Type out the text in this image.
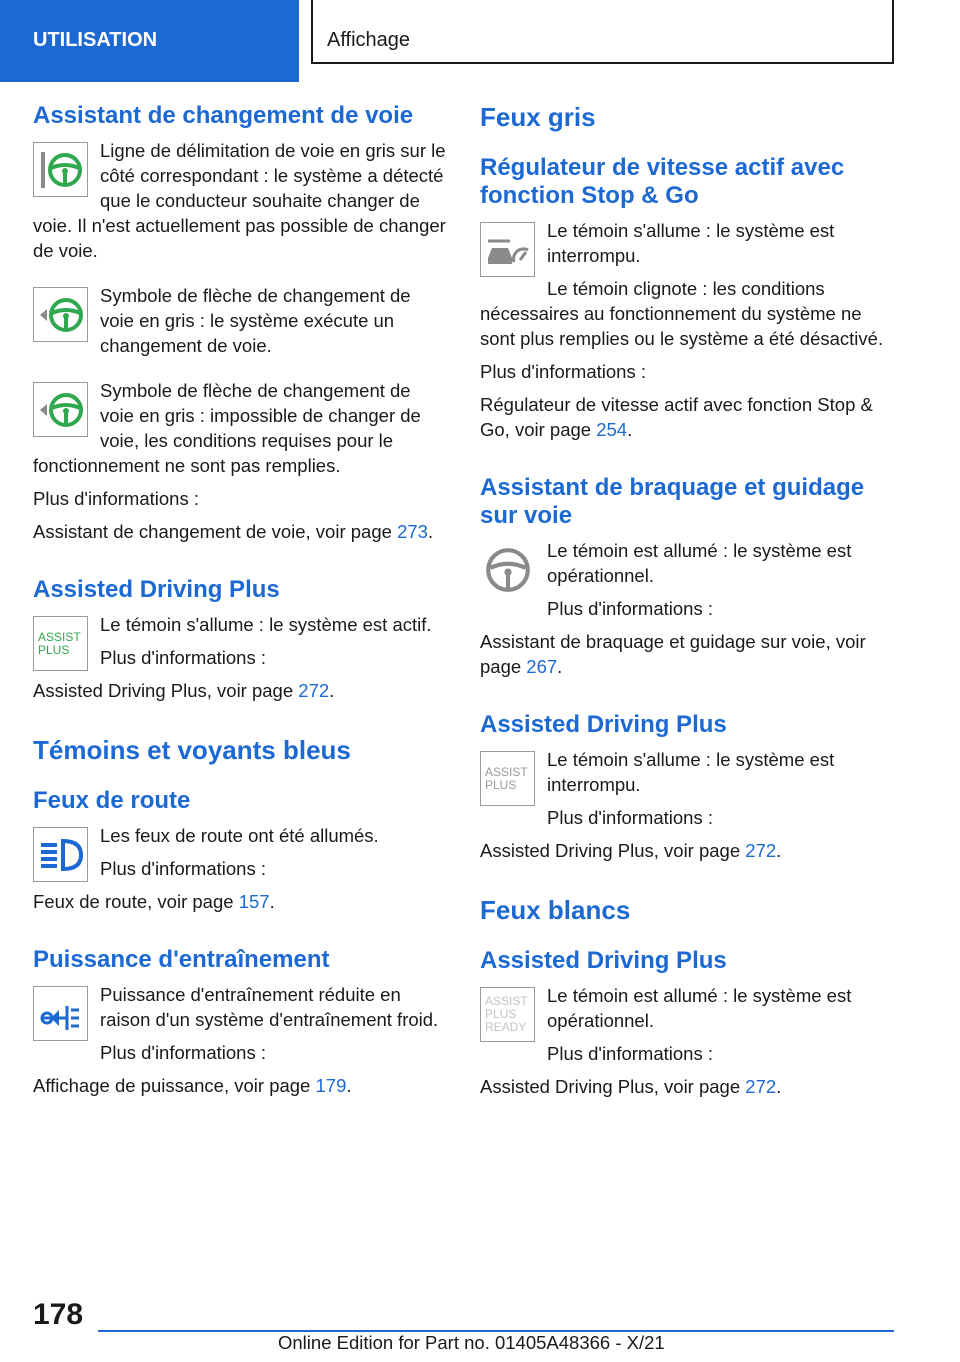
UTILISATION	Affichage
Assistant de changement de voie

Ligne de délimitation de voie en gris sur le côté correspondant : le système a détecté que le conducteur souhaite changer de voie. Il n'est actuellement pas possible de changer de voie.

Symbole de flèche de changement de voie en gris : le système exécute un changement de voie.

Symbole de flèche de changement de voie en gris : impossible de changer de voie, les conditions requises pour le fonctionnement ne sont pas remplies.

Plus d'informations :

Assistant de changement de voie, voir page 273.

Assisted Driving Plus
ASSIST
PLUS

Le témoin s'allume : le système est actif.

Plus d'informations :

Assisted Driving Plus, voir page 272.

Témoins et voyants bleus
Feux de route

Les feux de route ont été allumés.

Plus d'informations :

Feux de route, voir page 157.

Puissance d'entraînement

Puissance d'entraînement réduite en raison d'un système d'entraînement froid.

Plus d'informations :

Affichage de puissance, voir page 179.

Feux gris
Régulateur de vitesse actif avec fonction Stop & Go

Le témoin s'allume : le système est interrompu.

Le témoin clignote : les conditions nécessaires au fonctionnement du système ne sont plus remplies ou le système a été désactivé.

Plus d'informations :

Régulateur de vitesse actif avec fonction Stop & Go, voir page 254.

Assistant de braquage et guidage sur voie

Le témoin est allumé : le système est opérationnel.

Plus d'informations :

Assistant de braquage et guidage sur voie, voir page 267.

Assisted Driving Plus
ASSIST
PLUS

Le témoin s'allume : le système est interrompu.

Plus d'informations :

Assisted Driving Plus, voir page 272.

Feux blancs
Assisted Driving Plus
ASSIST
PLUS
READY

Le témoin est allumé : le système est opérationnel.

Plus d'informations :

Assisted Driving Plus, voir page 272.

178
Online Edition for Part no. 01405A48366 - X/21
